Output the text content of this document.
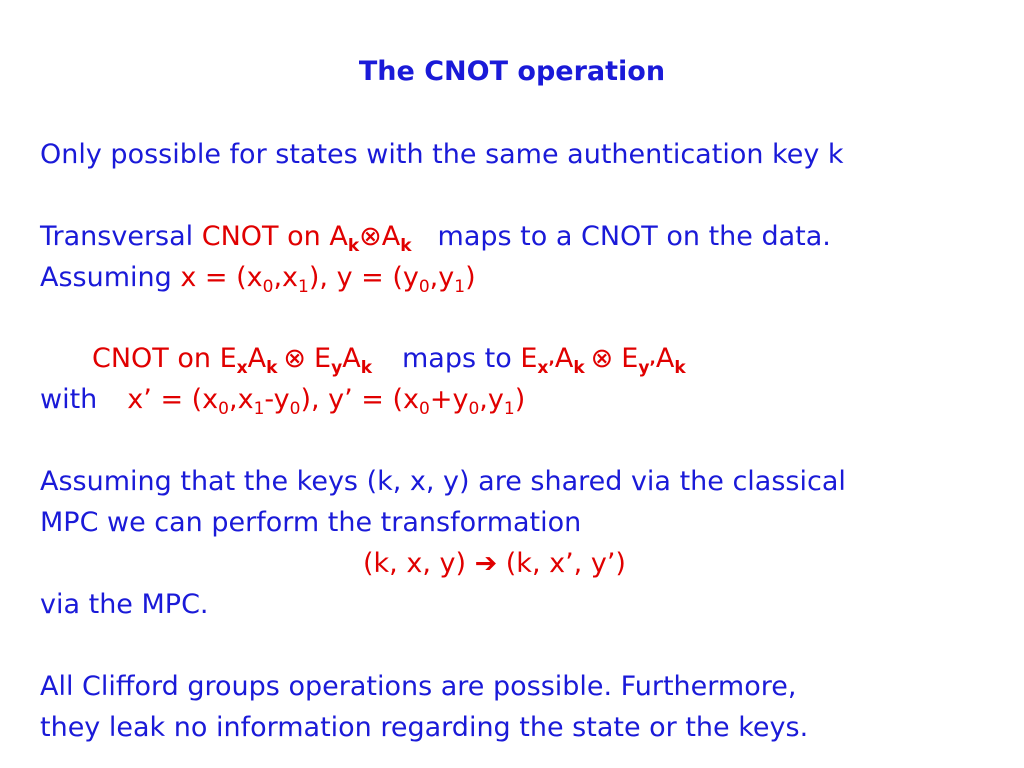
The CNOT operation
Only possible for states with the same authentication key k
Transversal CNOT on $A_k\otimes A_k$ maps to a CNOT on the data.
Assuming $x = (x_0,x_1)$, $y = (y_0,y_1)$
CNOT on $E_xA_k$ ⊗ $E_yA_k$ maps to $E_{x’}A_k$ ⊗ $E_{y’}A_k$
with x’ = $(x_0,x_1-y_0)$, y’ = $(x_0+y_0,y_1)$
Assuming that the keys (k, x, y) are shared via the classical
MPC we can perform the transformation
(k, x, y) ➔ (k, x’, y’)
via the MPC.
All Clifford groups operations are possible. Furthermore,
they leak no information regarding the state or the keys.
